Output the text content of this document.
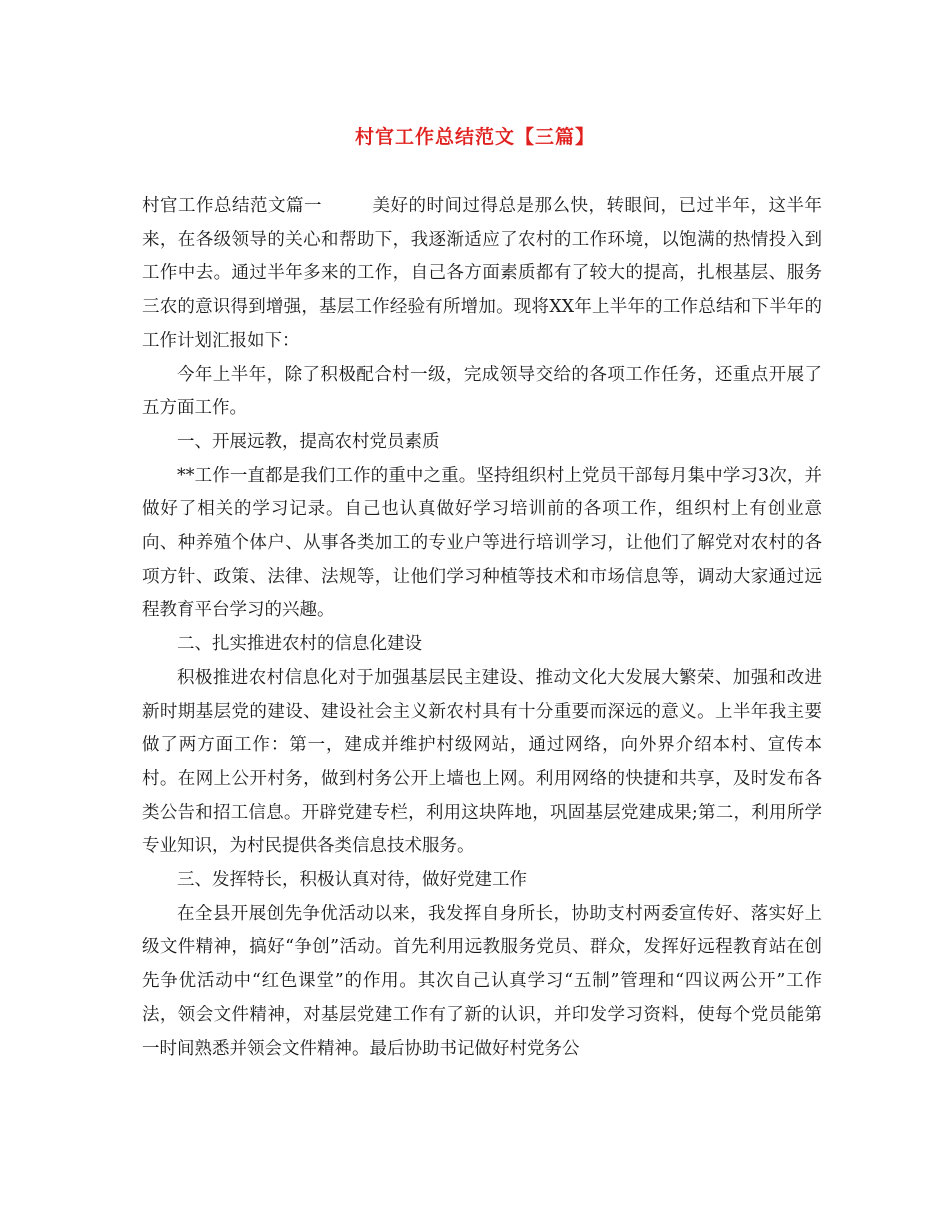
村官工作总结范文【三篇】

村官工作总结范文篇一	美好的时间过得总是那么快，转眼间，已过半年，这半年来，在各级领导的关心和帮助下，我逐渐适应了农村的工作环境，以饱满的热情投入到工作中去。通过半年多来的工作，自己各方面素质都有了较大的提高，扎根基层、服务三农的意识得到增强，基层工作经验有所增加。现将XX年上半年的工作总结和下半年的工作计划汇报如下：

今年上半年，除了积极配合村一级，完成领导交给的各项工作任务，还重点开展了五方面工作。

一、开展远教，提高农村党员素质

**工作一直都是我们工作的重中之重。坚持组织村上党员干部每月集中学习3次，并做好了相关的学习记录。自己也认真做好学习培训前的各项工作，组织村上有创业意向、种养殖个体户、从事各类加工的专业户等进行培训学习，让他们了解党对农村的各项方针、政策、法律、法规等，让他们学习种植等技术和市场信息等，调动大家通过远程教育平台学习的兴趣。

二、扎实推进农村的信息化建设

积极推进农村信息化对于加强基层民主建设、推动文化大发展大繁荣、加强和改进新时期基层党的建设、建设社会主义新农村具有十分重要而深远的意义。上半年我主要做了两方面工作：第一，建成并维护村级网站，通过网络，向外界介绍本村、宣传本村。在网上公开村务，做到村务公开上墙也上网。利用网络的快捷和共享，及时发布各类公告和招工信息。开辟党建专栏，利用这块阵地，巩固基层党建成果;第二，利用所学专业知识，为村民提供各类信息技术服务。

三、发挥特长，积极认真对待，做好党建工作

在全县开展创先争优活动以来，我发挥自身所长，协助支村两委宣传好、落实好上级文件精神，搞好“争创”活动。首先利用远教服务党员、群众，发挥好远程教育站在创先争优活动中“红色课堂”的作用。其次自己认真学习“五制”管理和“四议两公开”工作法，领会文件精神，对基层党建工作有了新的认识，并印发学习资料，使每个党员能第一时间熟悉并领会文件精神。最后协助书记做好村党务公
